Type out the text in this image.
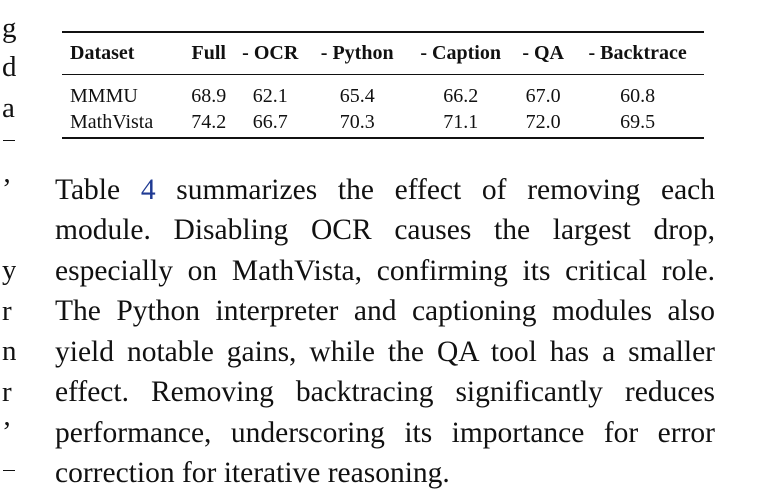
g
d
a
’
y
r
n
r
’
Dataset	Full	- OCR	- Python	- Caption	- QA	- Backtrace

MMMU	68.9	62.1	65.4	66.2	67.0	60.8
MathVista	74.2	66.7	70.3	71.1	72.0	69.5

Table 4 summarizes the effect of removing each module. Disabling OCR causes the largest drop, especially on MathVista, confirming its critical role. The Python interpreter and captioning modules also yield notable gains, while the QA tool has a smaller effect. Removing backtracing significantly reduces performance, underscoring its importance for error correction for iterative reasoning.
